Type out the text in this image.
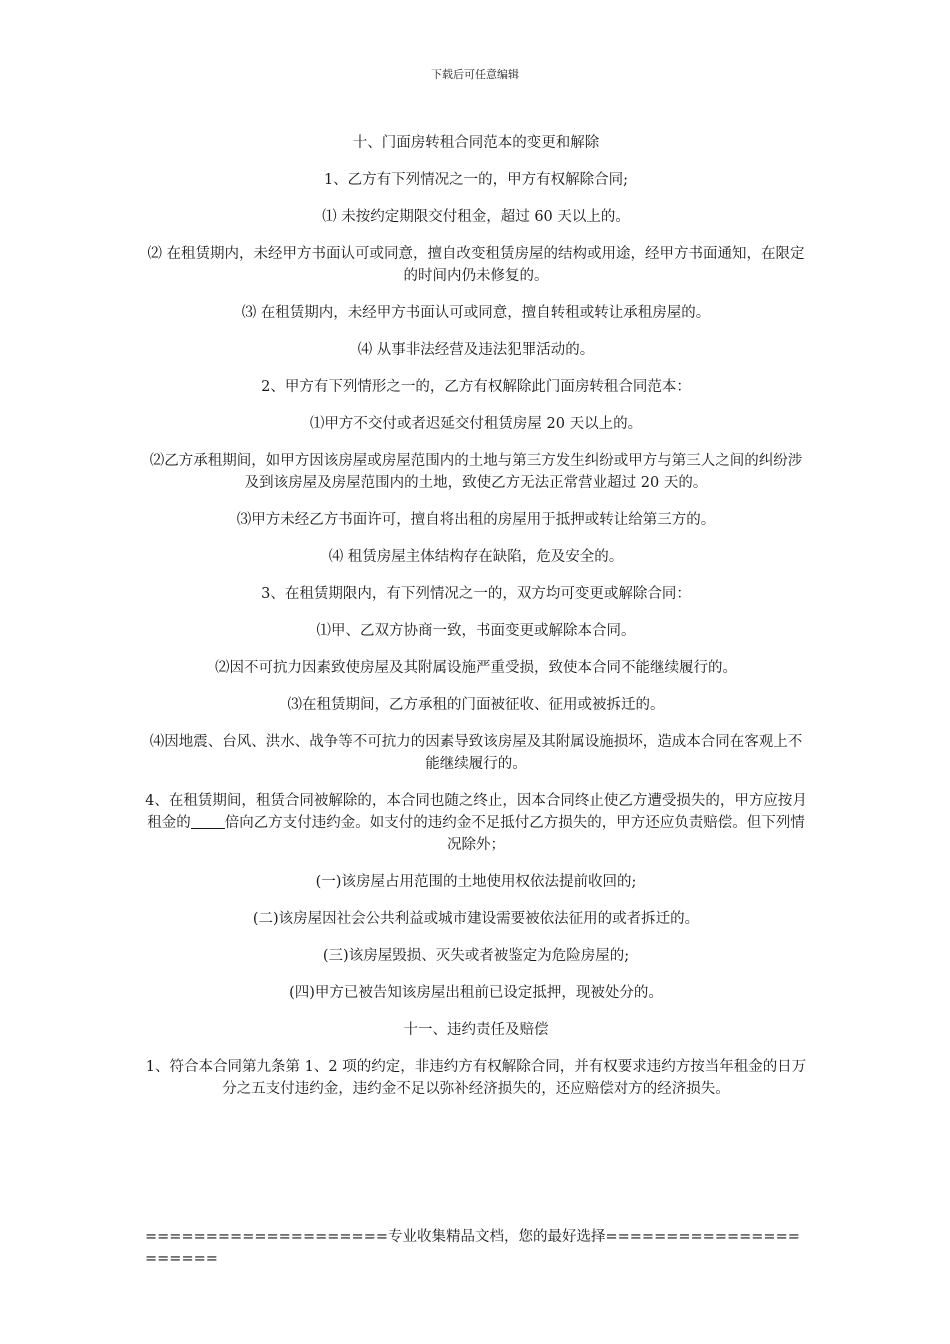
下载后可任意编辑

十、门面房转租合同范本的变更和解除

1、乙方有下列情况之一的，甲方有权解除合同;

⑴ 未按约定期限交付租金，超过 60 天以上的。

⑵ 在租赁期内，未经甲方书面认可或同意，擅自改变租赁房屋的结构或用途，经甲方书面通知，在限定的时间内仍未修复的。

⑶ 在租赁期内，未经甲方书面认可或同意，擅自转租或转让承租房屋的。

⑷ 从事非法经营及违法犯罪活动的。

2、甲方有下列情形之一的，乙方有权解除此门面房转租合同范本：

⑴甲方不交付或者迟延交付租赁房屋 20 天以上的。

⑵乙方承租期间，如甲方因该房屋或房屋范围内的土地与第三方发生纠纷或甲方与第三人之间的纠纷涉及到该房屋及房屋范围内的土地，致使乙方无法正常营业超过 20 天的。

⑶甲方未经乙方书面许可，擅自将出租的房屋用于抵押或转让给第三方的。

⑷ 租赁房屋主体结构存在缺陷，危及安全的。

3、在租赁期限内，有下列情况之一的，双方均可变更或解除合同：

⑴甲、乙双方协商一致，书面变更或解除本合同。

⑵因不可抗力因素致使房屋及其附属设施严重受损，致使本合同不能继续履行的。

⑶在租赁期间，乙方承租的门面被征收、征用或被拆迁的。

⑷因地震、台风、洪水、战争等不可抗力的因素导致该房屋及其附属设施损坏，造成本合同在客观上不能继续履行的。

4、在租赁期间，租赁合同被解除的，本合同也随之终止，因本合同终止使乙方遭受损失的，甲方应按月租金的 倍向乙方支付违约金。如支付的违约金不足抵付乙方损失的，甲方还应负责赔偿。但下列情况除外；

(一)该房屋占用范围的土地使用权依法提前收回的;

(二)该房屋因社会公共利益或城市建设需要被依法征用的或者拆迁的。

(三)该房屋毁损、灭失或者被鉴定为危险房屋的;

(四)甲方已被告知该房屋出租前已设定抵押，现被处分的。

十一、违约责任及赔偿

1、符合本合同第九条第 1、2 项的约定，非违约方有权解除合同，并有权要求违约方按当年租金的日万分之五支付违约金，违约金不足以弥补经济损失的，还应赔偿对方的经济损失。

====================专业收集精品文档，您的最好选择======================
